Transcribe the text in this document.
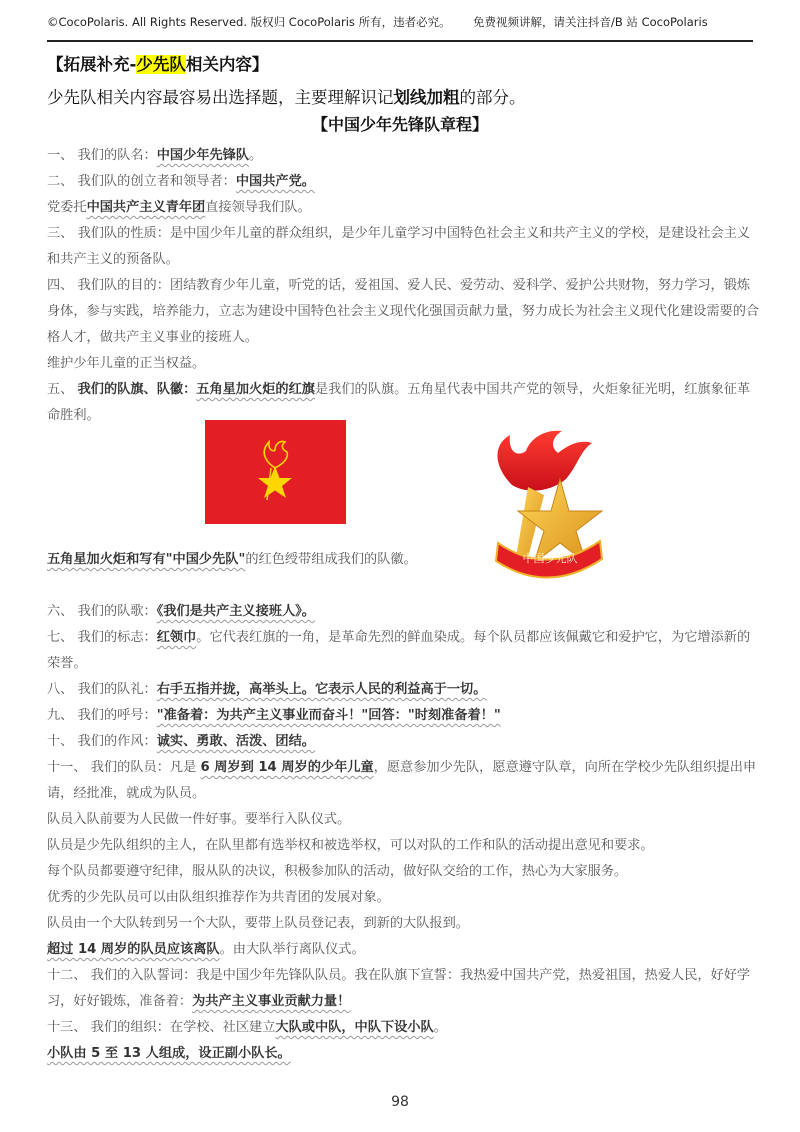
©CocoPolaris. All Rights Reserved. 版权归 CocoPolaris 所有，违者必究。 免费视频讲解，请关注抖音/B 站 CocoPolaris
【拓展补充-少先队相关内容】
少先队相关内容最容易出选择题，主要理解识记划线加粗的部分。
【中国少年先锋队章程】

一、 我们的队名：中国少年先锋队。

二、 我们队的创立者和领导者：中国共产党。

党委托中国共产主义青年团直接领导我们队。

三、 我们队的性质：是中国少年儿童的群众组织，是少年儿童学习中国特色社会主义和共产主义的学校，是建设社会主义和共产主义的预备队。

四、 我们队的目的：团结教育少年儿童，听党的话，爱祖国、爱人民、爱劳动、爱科学、爱护公共财物，努力学习，锻炼身体，参与实践，培养能力，立志为建设中国特色社会主义现代化强国贡献力量，努力成长为社会主义现代化建设需要的合格人才，做共产主义事业的接班人。

维护少年儿童的正当权益。

五、 我们的队旗、队徽：五角星加火炬的红旗是我们的队旗。五角星代表中国共产党的领导，火炬象征光明，红旗象征革命胜利。

五角星加火炬和写有"中国少先队"的红色绶带组成我们的队徽。

六、 我们的队歌：《我们是共产主义接班人》。

七、 我们的标志：红领巾。它代表红旗的一角，是革命先烈的鲜血染成。每个队员都应该佩戴它和爱护它，为它增添新的荣誉。

八、 我们的队礼：右手五指并拢，高举头上。它表示人民的利益高于一切。

九、 我们的呼号："准备着：为共产主义事业而奋斗！"回答："时刻准备着！"

十、 我们的作风：诚实、勇敢、活泼、团结。

十一、 我们的队员：凡是 6 周岁到 14 周岁的少年儿童，愿意参加少先队，愿意遵守队章，向所在学校少先队组织提出申请，经批准，就成为队员。

队员入队前要为人民做一件好事。要举行入队仪式。

队员是少先队组织的主人，在队里都有选举权和被选举权，可以对队的工作和队的活动提出意见和要求。

每个队员都要遵守纪律，服从队的决议，积极参加队的活动，做好队交给的工作，热心为大家服务。

优秀的少先队员可以由队组织推荐作为共青团的发展对象。

队员由一个大队转到另一个大队，要带上队员登记表，到新的大队报到。

超过 14 周岁的队员应该离队。由大队举行离队仪式。

十二、 我们的入队誓词：我是中国少年先锋队队员。我在队旗下宣誓：我热爱中国共产党，热爱祖国，热爱人民，好好学习，好好锻炼，准备着：为共产主义事业贡献力量！

十三、 我们的组织：在学校、社区建立大队或中队，中队下设小队。

小队由 5 至 13 人组成，设正副小队长。

中国少先队
98
